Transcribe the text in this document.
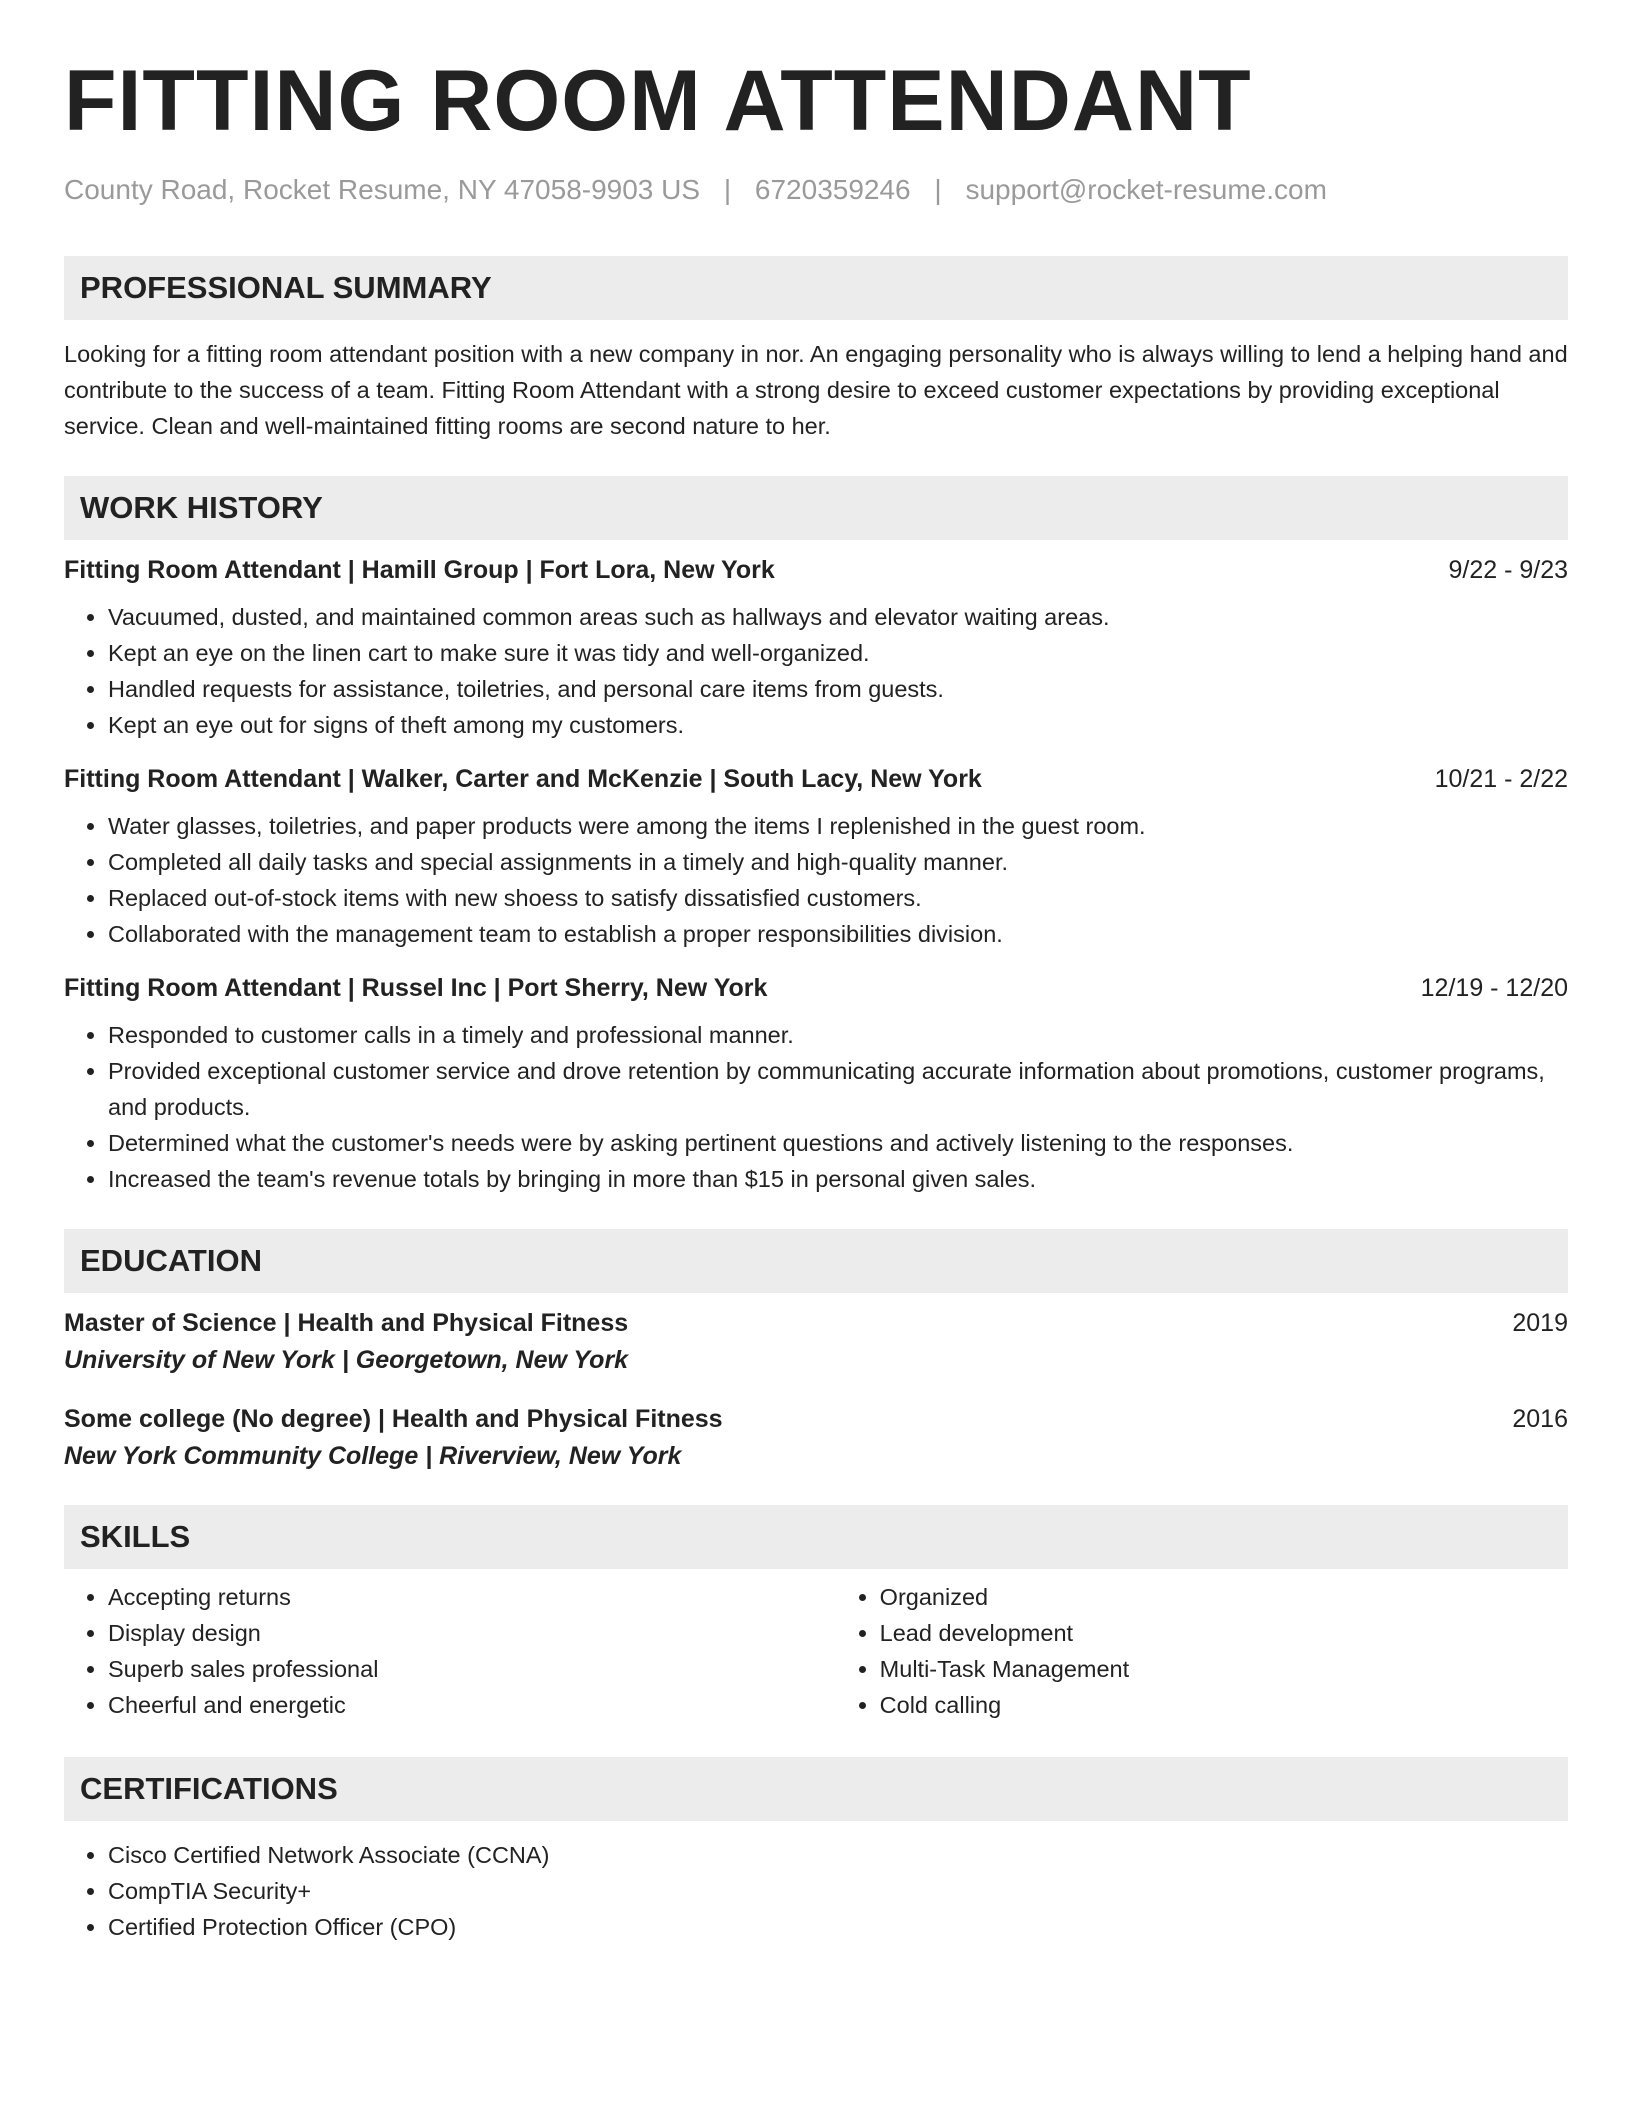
FITTING ROOM ATTENDANT
County Road, Rocket Resume, NY 47058-9903 US | 6720359246 | support@rocket-resume.com
PROFESSIONAL SUMMARY

Looking for a fitting room attendant position with a new company in nor. An engaging personality who is always willing to lend a helping hand and contribute to the success of a team. Fitting Room Attendant with a strong desire to exceed customer expectations by providing exceptional service. Clean and well-maintained fitting rooms are second nature to her.

WORK HISTORY
Fitting Room Attendant | Hamill Group | Fort Lora, New York	9/22 - 9/23
• Vacuumed, dusted, and maintained common areas such as hallways and elevator waiting areas.
• Kept an eye on the linen cart to make sure it was tidy and well-organized.
• Handled requests for assistance, toiletries, and personal care items from guests.
• Kept an eye out for signs of theft among my customers.
Fitting Room Attendant | Walker, Carter and McKenzie | South Lacy, New York	10/21 - 2/22
• Water glasses, toiletries, and paper products were among the items I replenished in the guest room.
• Completed all daily tasks and special assignments in a timely and high-quality manner.
• Replaced out-of-stock items with new shoess to satisfy dissatisfied customers.
• Collaborated with the management team to establish a proper responsibilities division.
Fitting Room Attendant | Russel Inc | Port Sherry, New York	12/19 - 12/20
• Responded to customer calls in a timely and professional manner.
• Provided exceptional customer service and drove retention by communicating accurate information about promotions, customer programs, and products.
• Determined what the customer's needs were by asking pertinent questions and actively listening to the responses.
• Increased the team's revenue totals by bringing in more than $15 in personal given sales.
EDUCATION
Master of Science | Health and Physical Fitness	2019
University of New York | Georgetown, New York
Some college (No degree) | Health and Physical Fitness	2016
New York Community College | Riverview, New York
SKILLS
• Accepting returns
• Display design
• Superb sales professional
• Cheerful and energetic
• Organized
• Lead development
• Multi-Task Management
• Cold calling
CERTIFICATIONS
• Cisco Certified Network Associate (CCNA)
• CompTIA Security+
• Certified Protection Officer (CPO)
